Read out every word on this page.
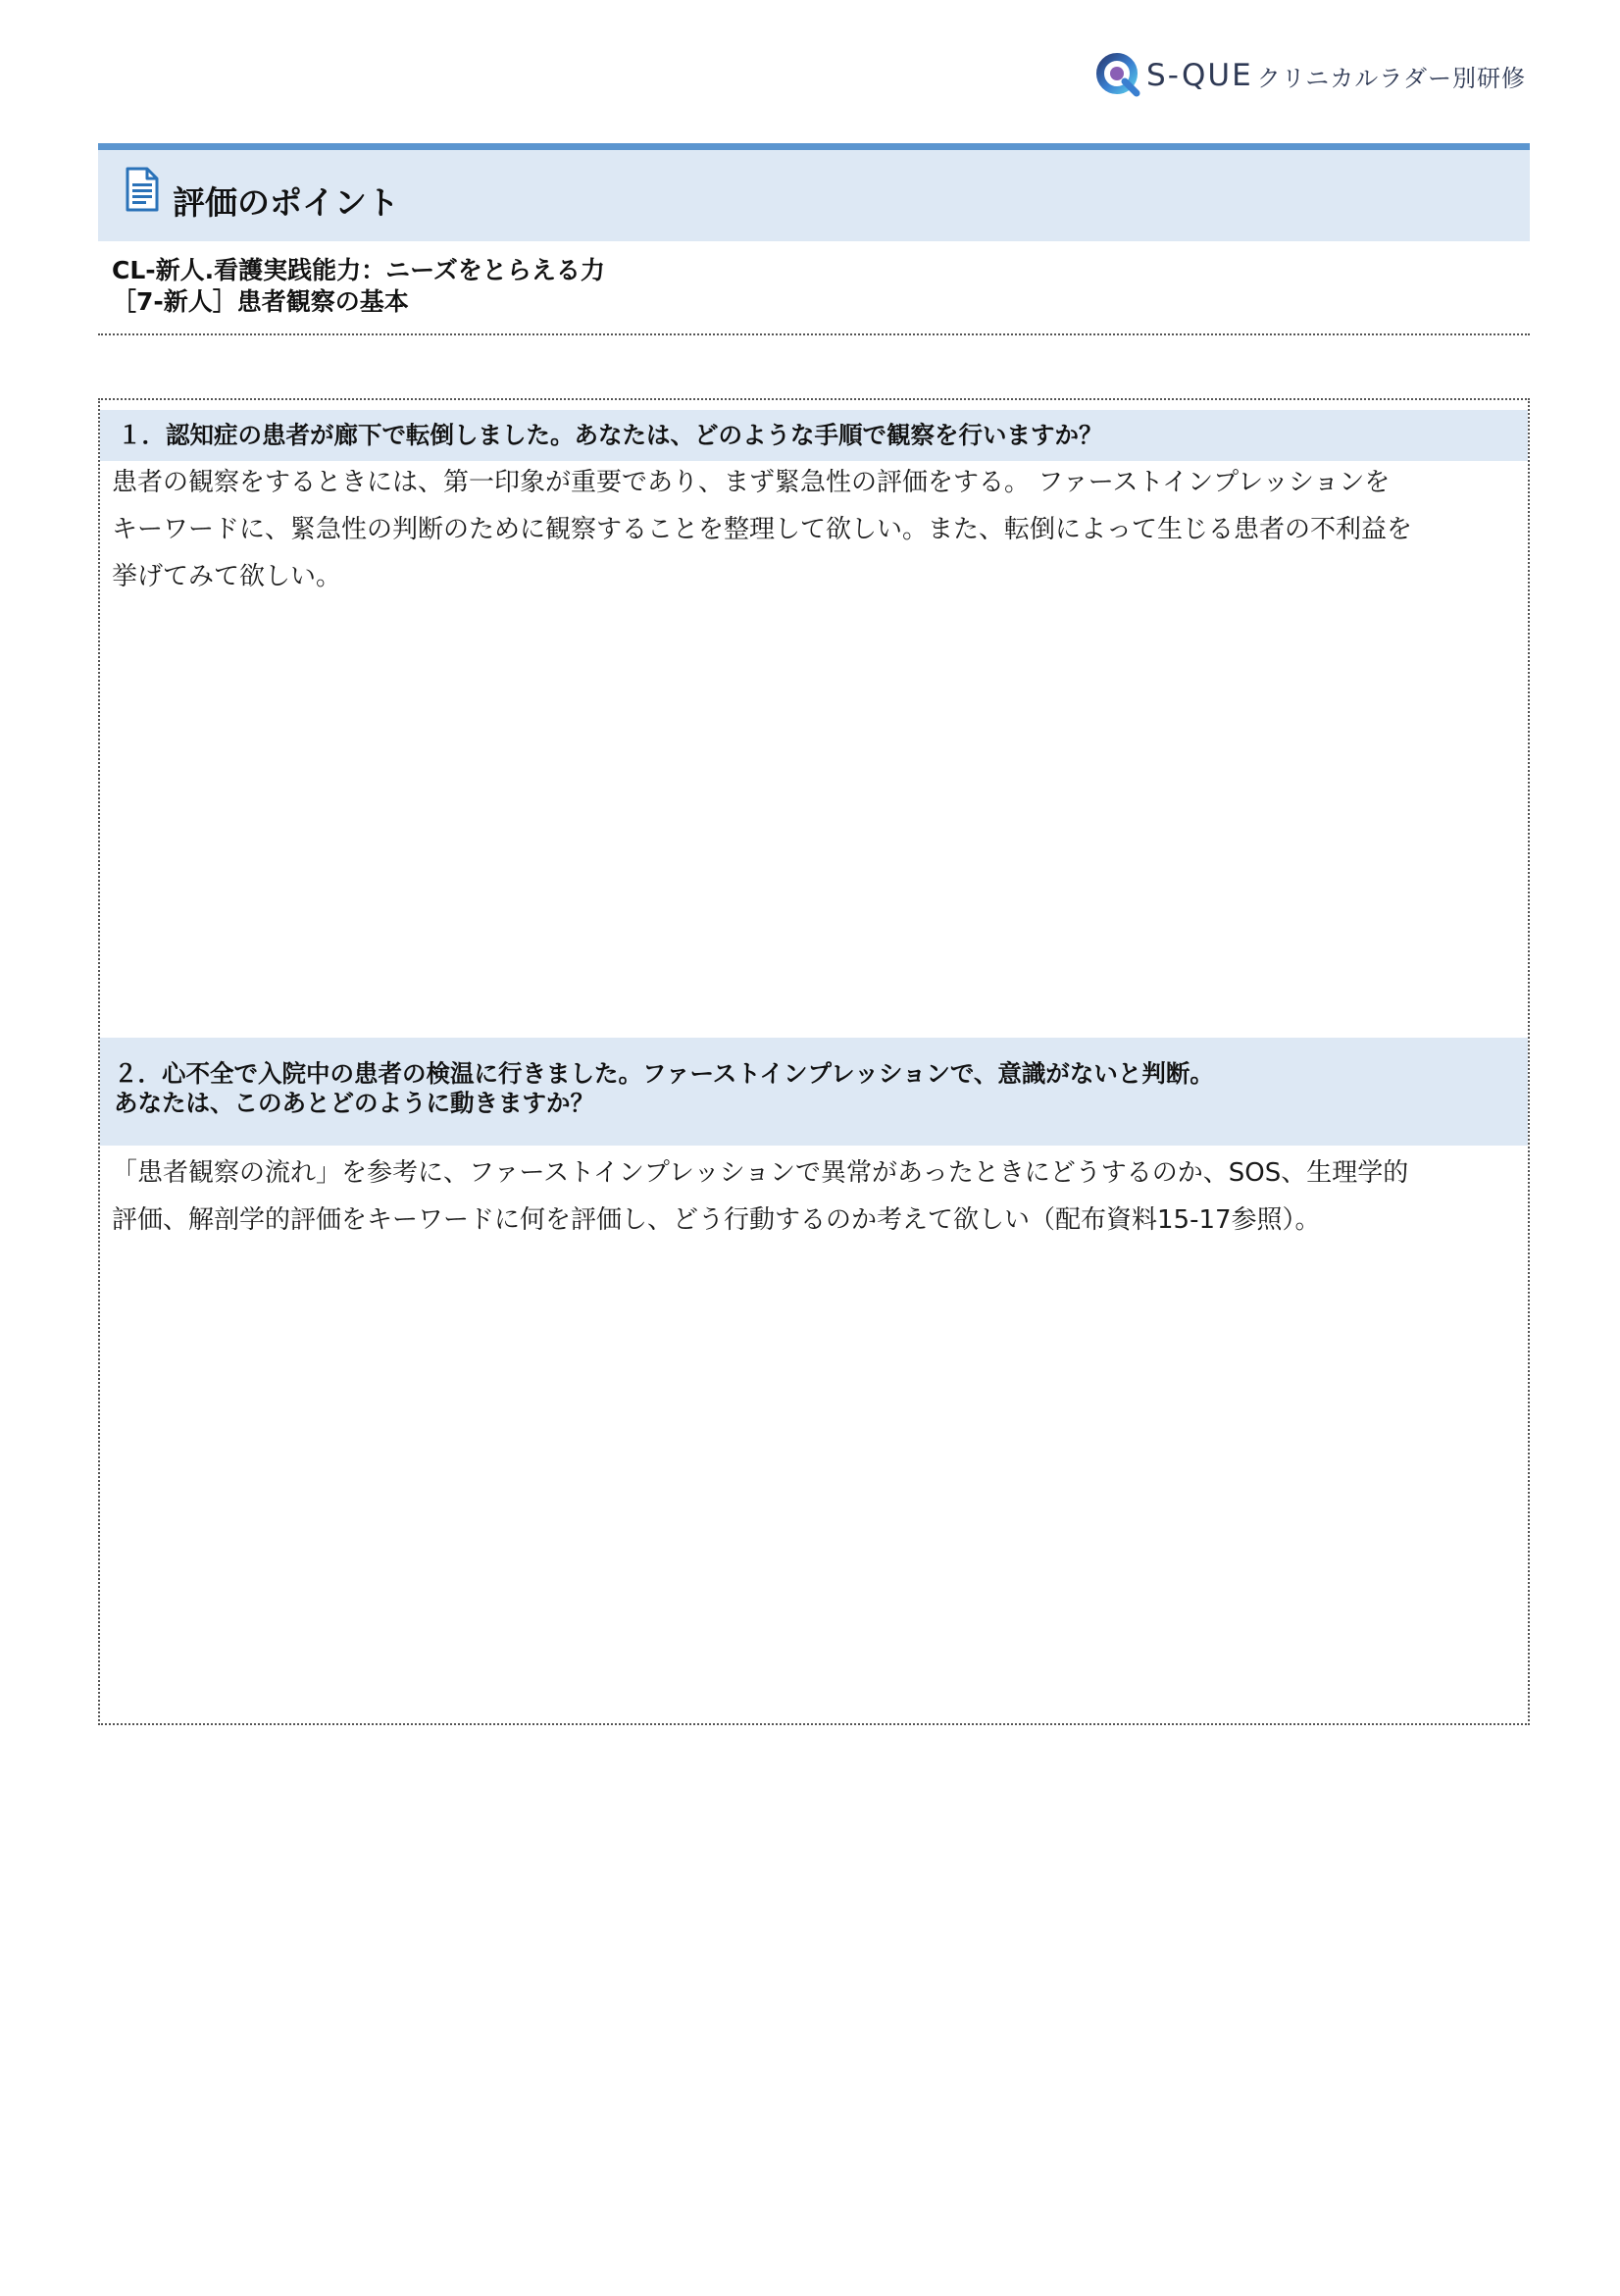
S-QUE クリニカルラダー別研修
評価のポイント
CL-新人.看護実践能力：ニーズをとらえる力
［7-新人］患者観察の基本
１．認知症の患者が廊下で転倒しました。あなたは、どのような手順で観察を行いますか？
患者の観察をするときには、第一印象が重要であり、まず緊急性の評価をする。 ファーストインプレッションを
キーワードに、緊急性の判断のために観察することを整理して欲しい。また、転倒によって生じる患者の不利益を
挙げてみて欲しい。
２．心不全で入院中の患者の検温に行きました。ファーストインプレッションで、意識がないと判断。
あなたは、このあとどのように動きますか？
「患者観察の流れ」を参考に、ファーストインプレッションで異常があったときにどうするのか、SOS、生理学的
評価、解剖学的評価をキーワードに何を評価し、どう行動するのか考えて欲しい（配布資料15-17参照）。
